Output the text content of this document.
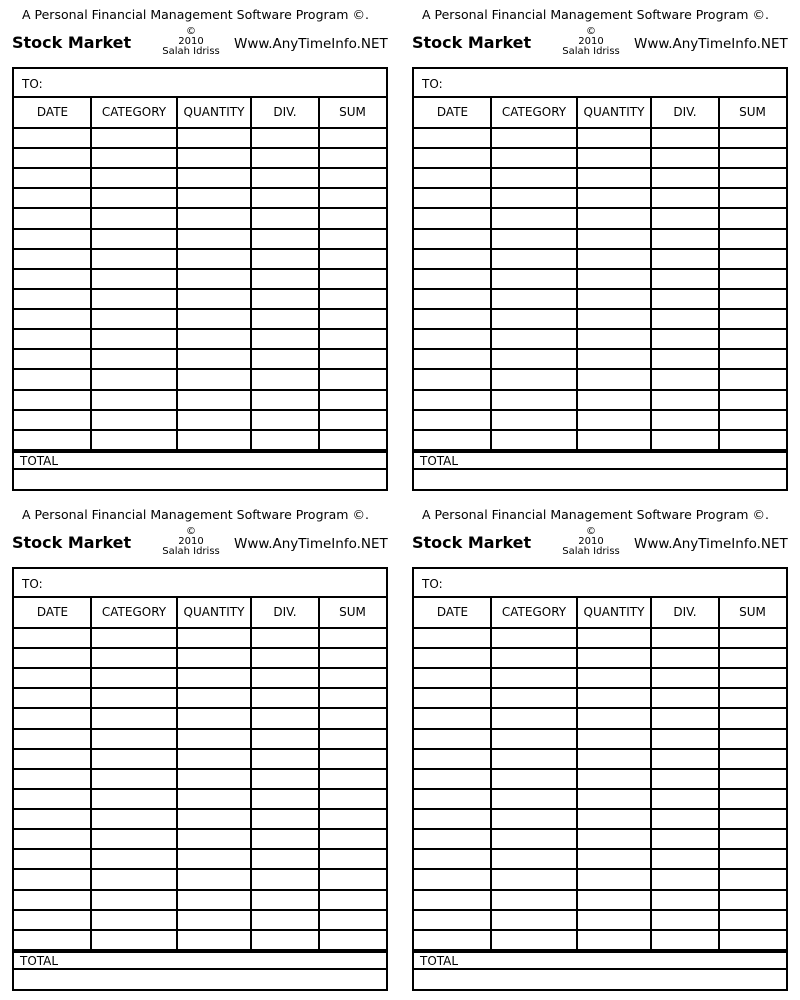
A Personal Financial Management Software Program ©.
Stock Market
©
2010
Salah Idriss	Www.AnyTimeInfo.NET
TO:
DATE	CATEGORY	QUANTITY	DIV.	SUM
TOTAL
A Personal Financial Management Software Program ©.
Stock Market
©
2010
Salah Idriss	Www.AnyTimeInfo.NET
TO:
DATE	CATEGORY	QUANTITY	DIV.	SUM
TOTAL
A Personal Financial Management Software Program ©.
Stock Market
©
2010
Salah Idriss	Www.AnyTimeInfo.NET
TO:
DATE	CATEGORY	QUANTITY	DIV.	SUM
TOTAL
A Personal Financial Management Software Program ©.
Stock Market
©
2010
Salah Idriss	Www.AnyTimeInfo.NET
TO:
DATE	CATEGORY	QUANTITY	DIV.	SUM
TOTAL
